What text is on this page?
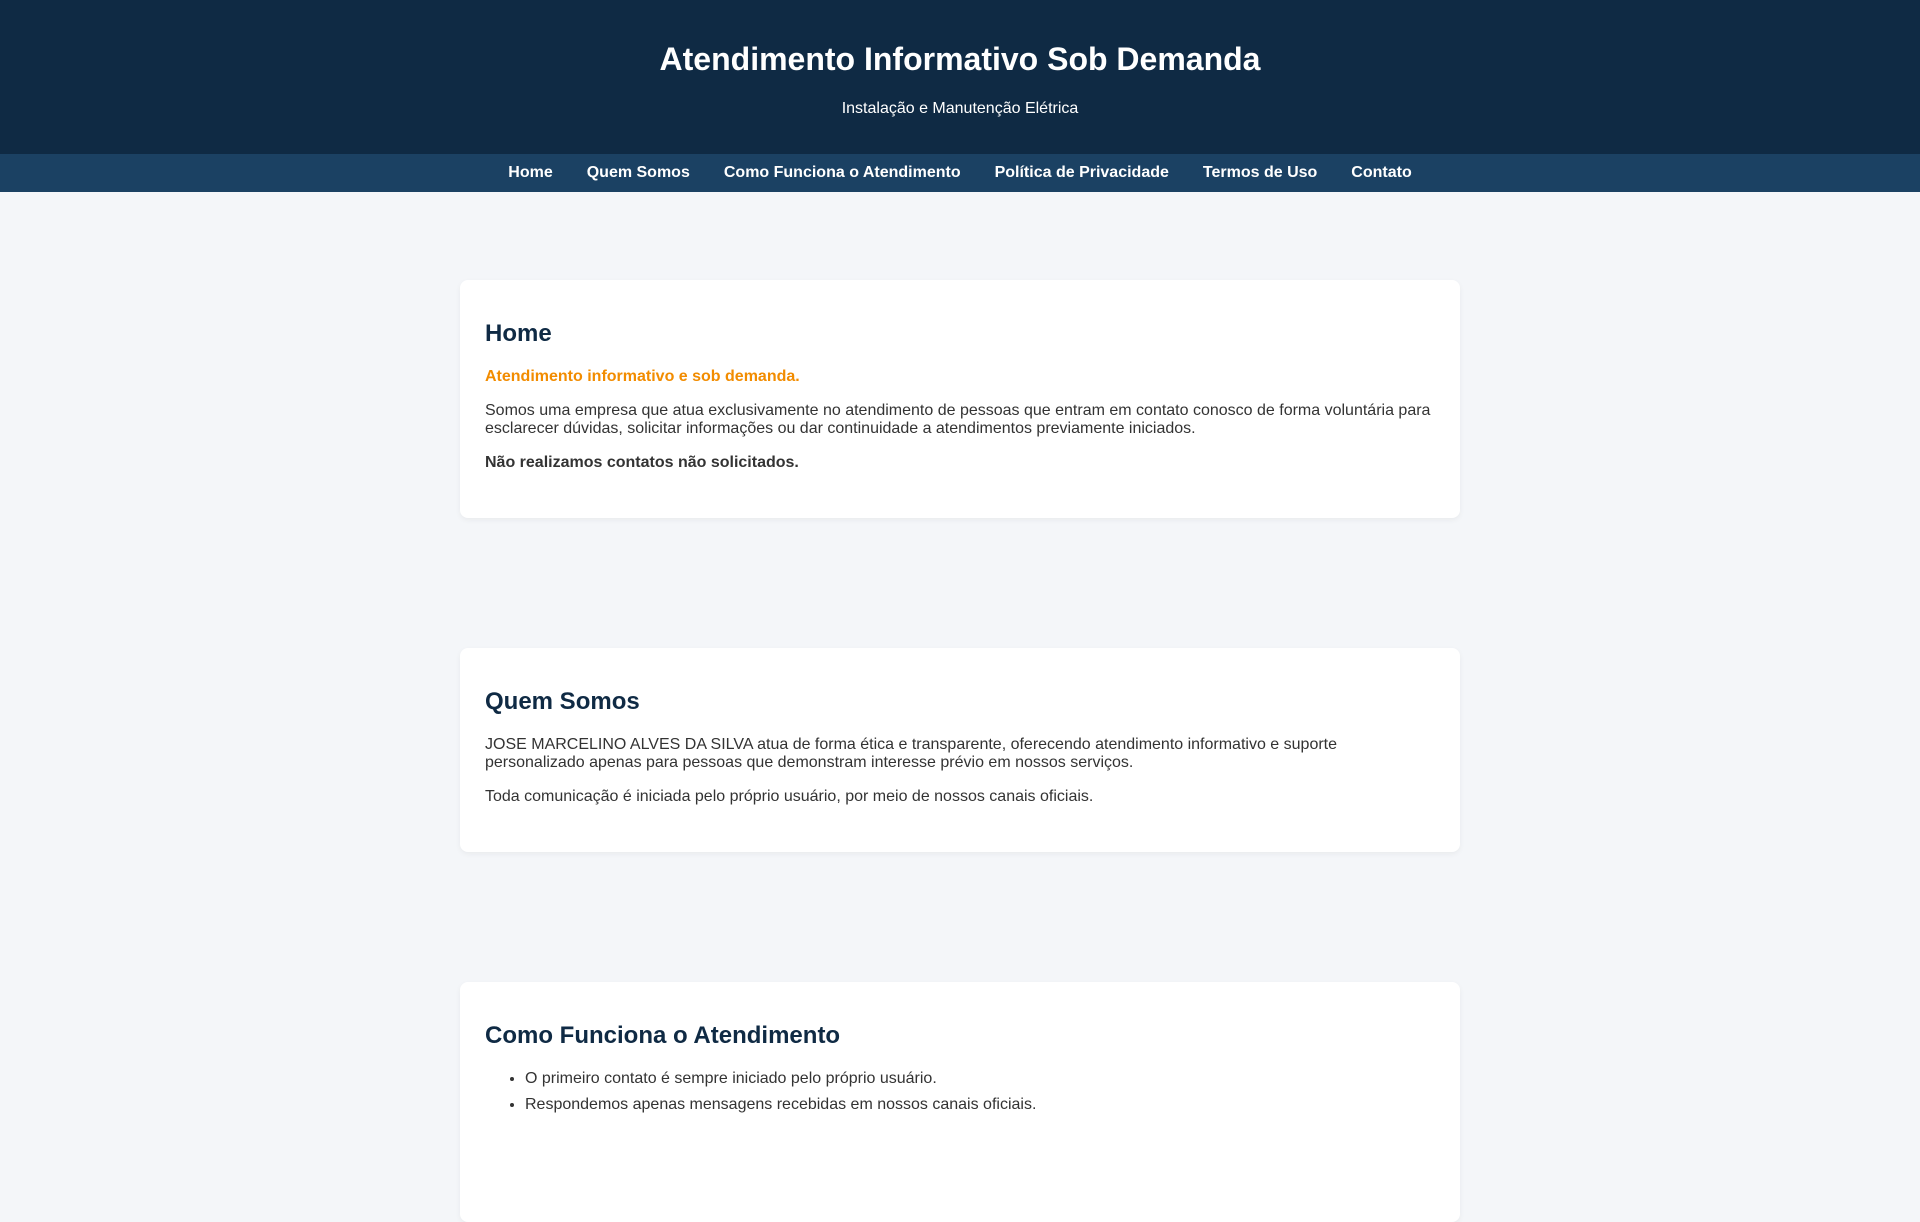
Atendimento Informativo Sob Demanda

Instalação e Manutenção Elétrica

Home Quem Somos Como Funciona o Atendimento Política de Privacidade Termos de Uso Contato
Home

Atendimento informativo e sob demanda.

Somos uma empresa que atua exclusivamente no atendimento de pessoas que entram em contato conosco de forma voluntária para esclarecer dúvidas, solicitar informações ou dar continuidade a atendimentos previamente iniciados.

Não realizamos contatos não solicitados.

Quem Somos

JOSE MARCELINO ALVES DA SILVA atua de forma ética e transparente, oferecendo atendimento informativo e suporte personalizado apenas para pessoas que demonstram interesse prévio em nossos serviços.

Toda comunicação é iniciada pelo próprio usuário, por meio de nossos canais oficiais.

Como Funciona o Atendimento
• O primeiro contato é sempre iniciado pelo próprio usuário.
• Respondemos apenas mensagens recebidas em nossos canais oficiais.
